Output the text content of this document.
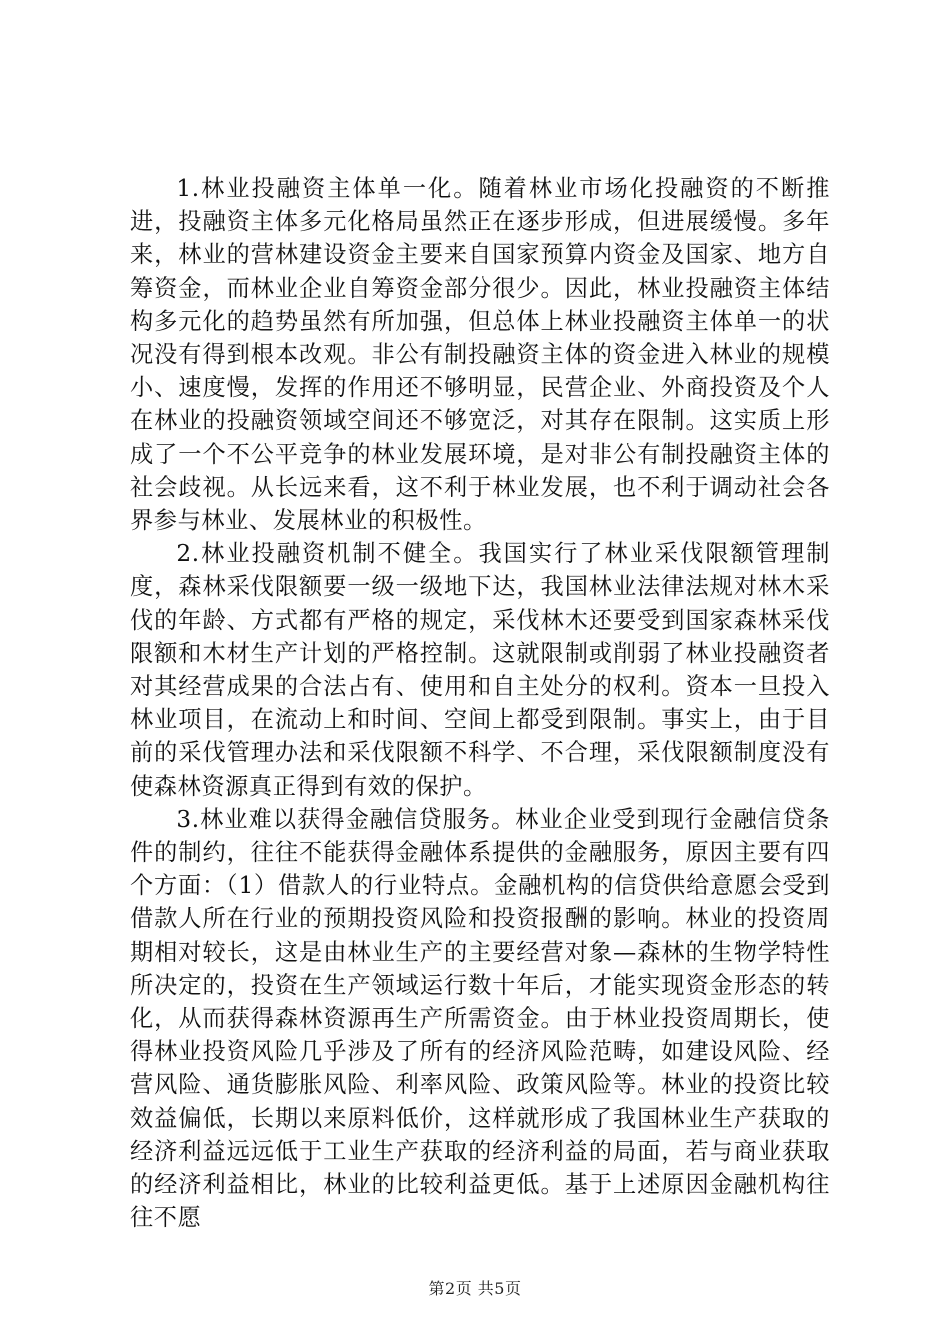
1.林业投融资主体单一化。随着林业市场化投融资的不断推进，投融资主体多元化格局虽然正在逐步形成，但进展缓慢。多年来，林业的营林建设资金主要来自国家预算内资金及国家、地方自筹资金，而林业企业自筹资金部分很少。因此，林业投融资主体结构多元化的趋势虽然有所加强，但总体上林业投融资主体单一的状况没有得到根本改观。非公有制投融资主体的资金进入林业的规模小、速度慢，发挥的作用还不够明显，民营企业、外商投资及个人在林业的投融资领域空间还不够宽泛，对其存在限制。这实质上形成了一个不公平竞争的林业发展环境，是对非公有制投融资主体的社会歧视。从长远来看，这不利于林业发展，也不利于调动社会各界参与林业、发展林业的积极性。

2.林业投融资机制不健全。我国实行了林业采伐限额管理制度，森林采伐限额要一级一级地下达，我国林业法律法规对林木采伐的年龄、方式都有严格的规定，采伐林木还要受到国家森林采伐限额和木材生产计划的严格控制。这就限制或削弱了林业投融资者对其经营成果的合法占有、使用和自主处分的权利。资本一旦投入林业项目，在流动上和时间、空间上都受到限制。事实上，由于目前的采伐管理办法和采伐限额不科学、不合理，采伐限额制度没有使森林资源真正得到有效的保护。

3.林业难以获得金融信贷服务。林业企业受到现行金融信贷条件的制约，往往不能获得金融体系提供的金融服务，原因主要有四个方面：（1）借款人的行业特点。金融机构的信贷供给意愿会受到借款人所在行业的预期投资风险和投资报酬的影响。林业的投资周期相对较长，这是由林业生产的主要经营对象—森林的生物学特性所决定的，投资在生产领域运行数十年后，才能实现资金形态的转化，从而获得森林资源再生产所需资金。由于林业投资周期长，使得林业投资风险几乎涉及了所有的经济风险范畴，如建设风险、经营风险、通货膨胀风险、利率风险、政策风险等。林业的投资比较效益偏低，长期以来原料低价，这样就形成了我国林业生产获取的经济利益远远低于工业生产获取的经济利益的局面，若与商业获取的经济利益相比，林业的比较利益更低。基于上述原因金融机构往往不愿

第2页 共5页
